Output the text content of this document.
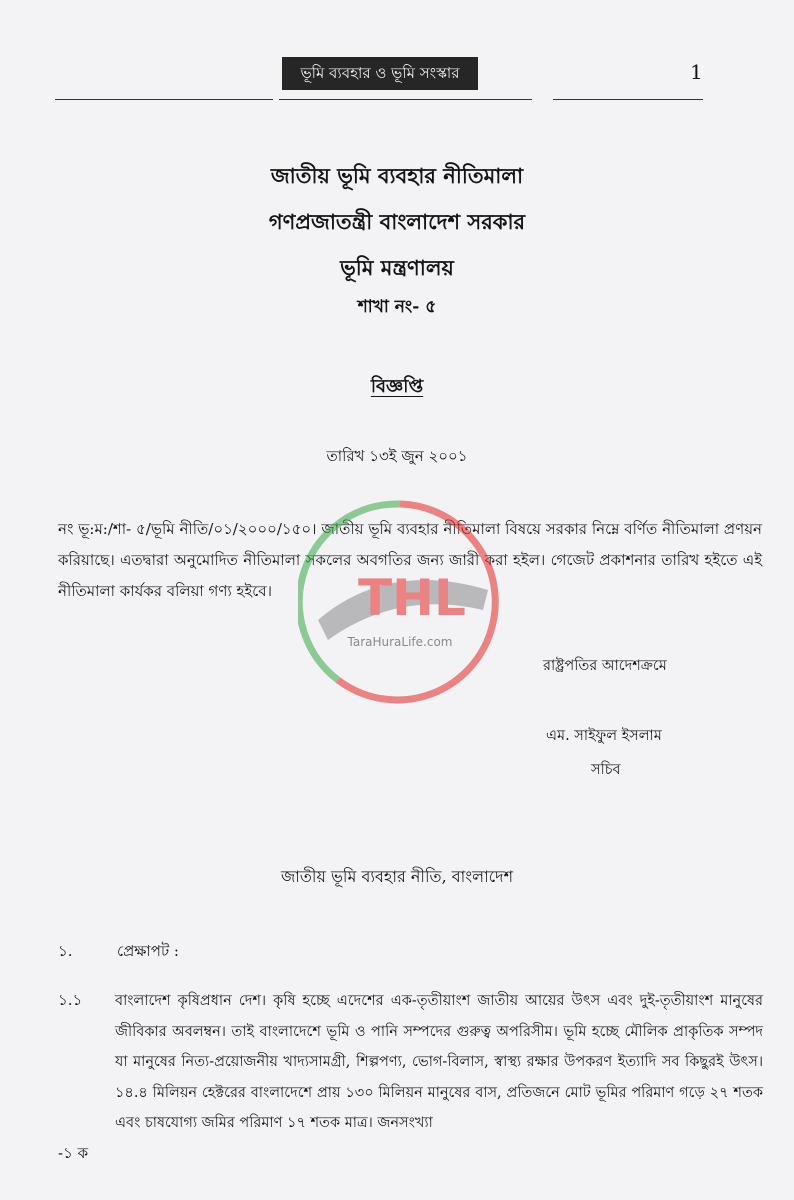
ভূমি ব্যবহার ও ভূমি সংস্কার	1
জাতীয় ভূমি ব্যবহার নীতিমালা
গণপ্রজাতন্ত্রী বাংলাদেশ সরকার
ভূমি মন্ত্রণালয়
শাখা নং- ৫
বিজ্ঞপ্তি
তারিখ ১৩ই জুন ২০০১
নং ভূ:ম:/শা- ৫/ভূমি নীতি/০১/২০০০/১৫০। জাতীয় ভূমি ব্যবহার নীতিমালা বিষয়ে সরকার নিম্নে বর্ণিত নীতিমালা প্রণয়ন করিয়াছে। এতদ্বারা অনুমোদিত নীতিমালা সকলের অবগতির জন্য জারী করা হইল। গেজেট প্রকাশনার তারিখ হইতে এই নীতিমালা কার্যকর বলিয়া গণ্য হইবে।	THL
TaraHuraLife.com
রাষ্ট্রপতির আদেশক্রমে
এম. সাইফুল ইসলাম
সচিব
জাতীয় ভূমি ব্যবহার নীতি, বাংলাদেশ
১.	প্রেক্ষাপট :
১.১ বাংলাদেশ কৃষিপ্রধান দেশ। কৃষি হচ্ছে এদেশের এক-তৃতীয়াংশ জাতীয় আয়ের উৎস এবং দুই-তৃতীয়াংশ মানুষের জীবিকার অবলম্বন। তাই বাংলাদেশে ভূমি ও পানি সম্পদের গুরুত্ব অপরিসীম। ভূমি হচ্ছে মৌলিক প্রাকৃতিক সম্পদ যা মানুষের নিত্য-প্রয়োজনীয় খাদ্যসামগ্রী, শিল্পপণ্য, ভোগ-বিলাস, স্বাস্থ্য রক্ষার উপকরণ ইত্যাদি সব কিছুরই উৎস। ১৪.৪ মিলিয়ন হেক্টরের বাংলাদেশে প্রায় ১৩০ মিলিয়ন মানুষের বাস, প্রতিজনে মোট ভূমির পরিমাণ গড়ে ২৭ শতক এবং চাষযোগ্য জমির পরিমাণ ১৭ শতক মাত্র। জনসংখ্যা
-১ ক
